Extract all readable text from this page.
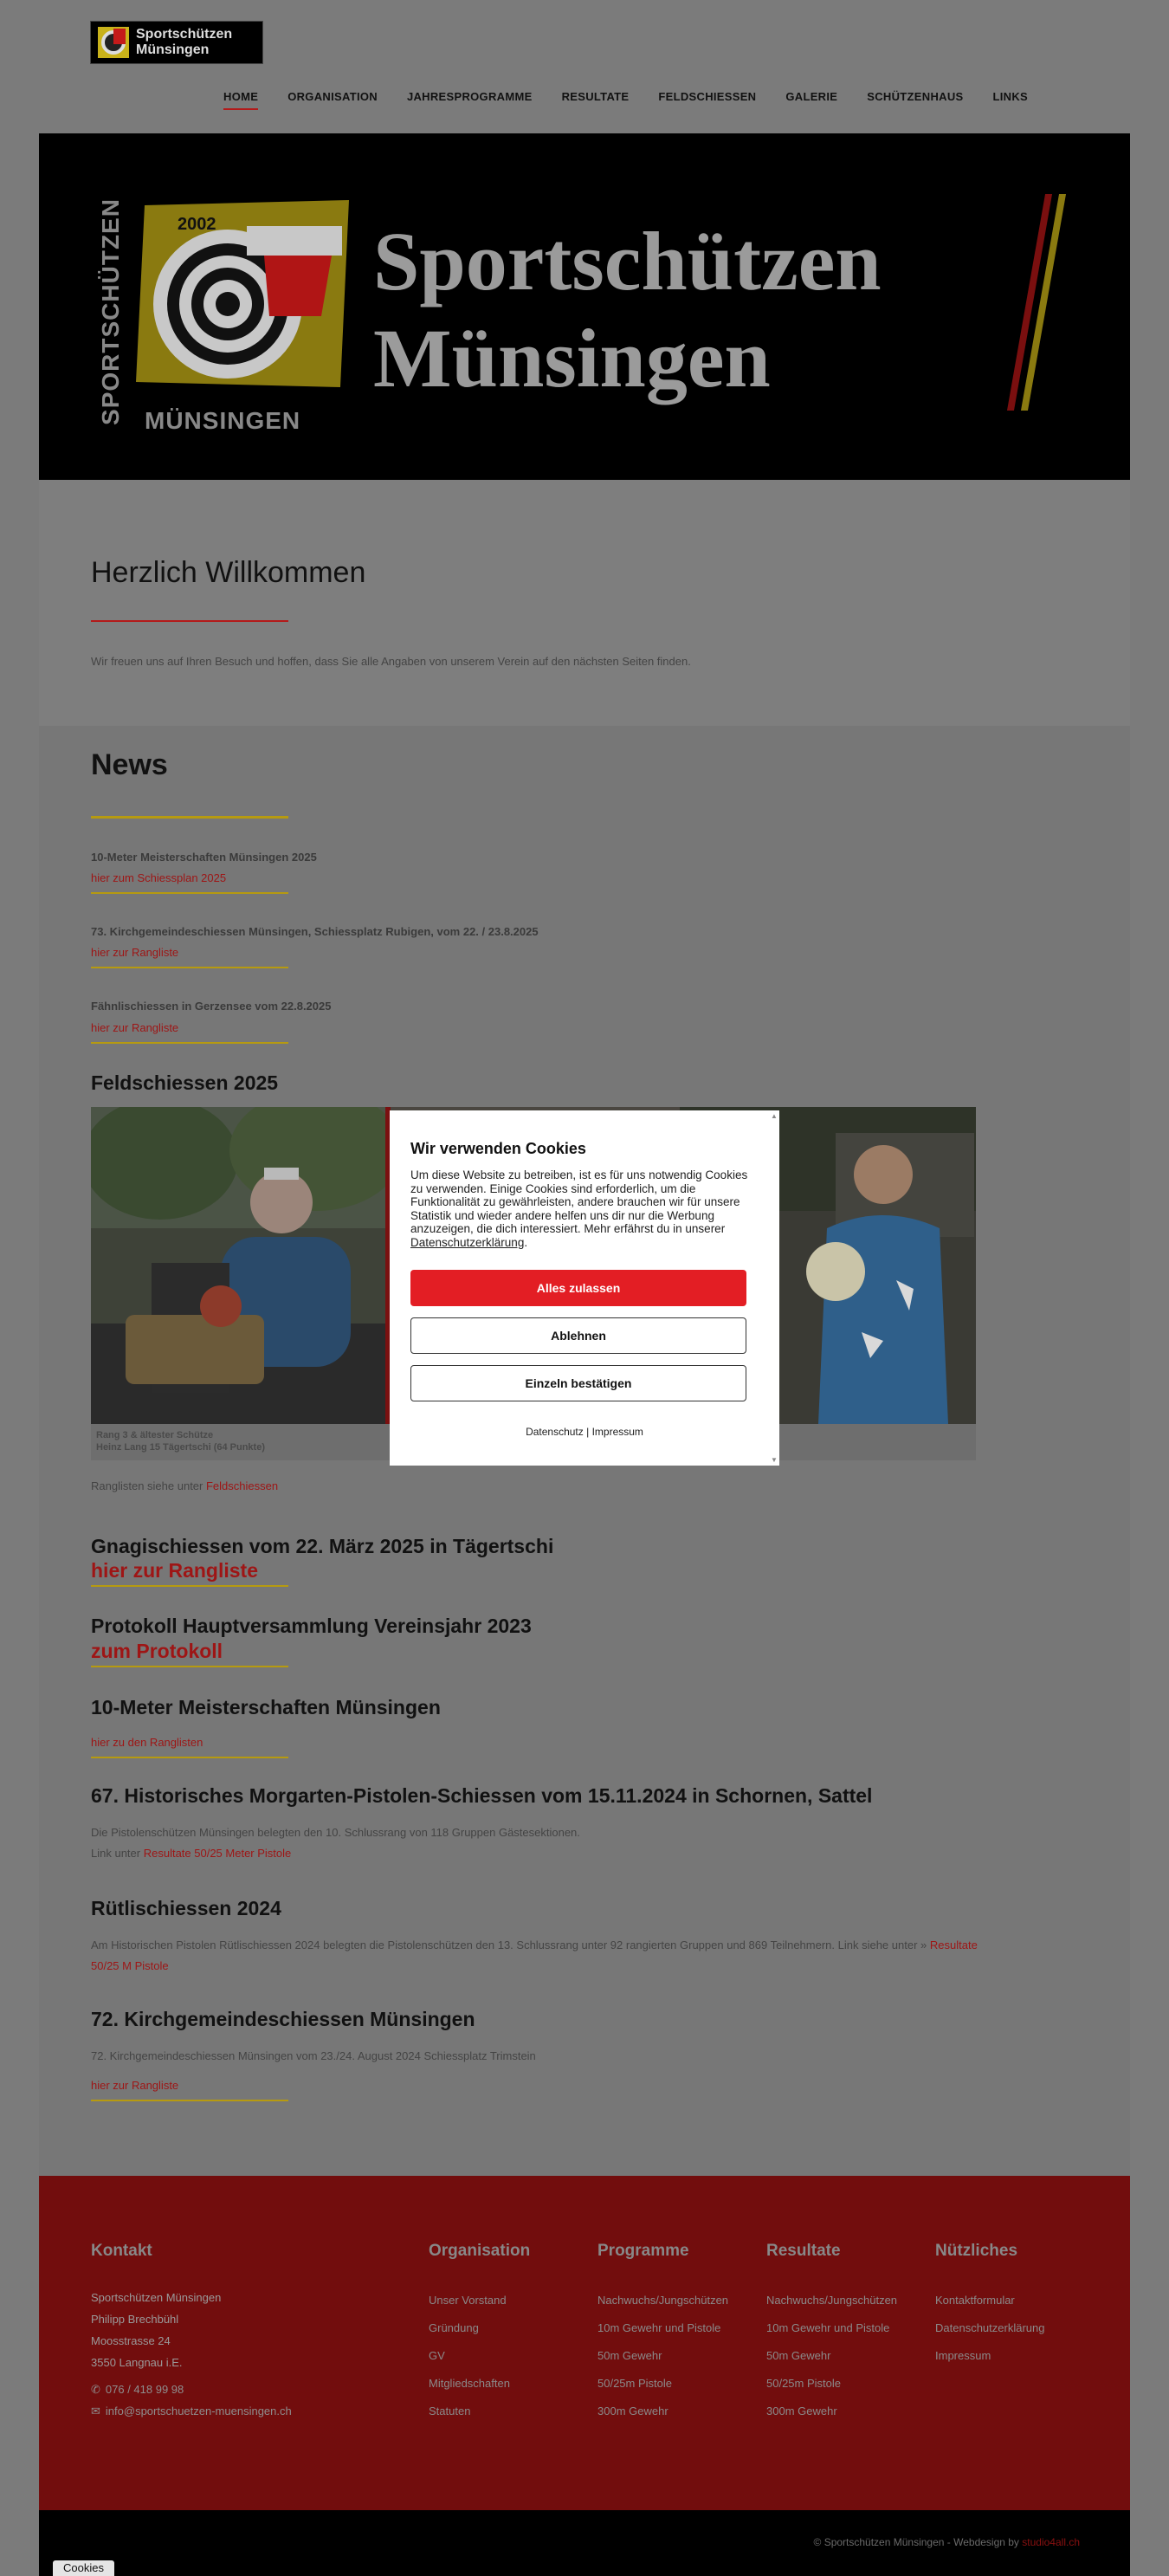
Sportschützen
Münsingen
HOME	ORGANISATION	JAHRESPROGRAMME	RESULTATE	FELDSCHIESSEN	GALERIE	SCHÜTZENHAUS	LINKS
SPORTSCHÜTZEN	2002
MÜNSINGEN
Sportschützen
Münsingen
Herzlich Willkommen

Wir freuen uns auf Ihren Besuch und hoffen, dass Sie alle Angaben von unserem Verein auf den nächsten Seiten finden.

News
10-Meter Meisterschaften Münsingen 2025
hier zum Schiessplan 2025
73. Kirchgemeindeschiessen Münsingen, Schiessplatz Rubigen, vom 22. / 23.8.2025
hier zur Rangliste
Fähnlischiessen in Gerzensee vom 22.8.2025
hier zur Rangliste
Feldschiessen 2025
Rang 3 & ältester Schütze
Heinz Lang 15 Tägertschi (64 Punkte)
Ranglisten siehe unter Feldschiessen
Gnagischiessen vom 22. März 2025 in Tägertschi
hier zur Rangliste
Protokoll Hauptversammlung Vereinsjahr 2023
zum Protokoll
10-Meter Meisterschaften Münsingen
hier zu den Ranglisten
67. Historisches Morgarten-Pistolen-Schiessen vom 15.11.2024 in Schornen, Sattel
Die Pistolenschützen Münsingen belegten den 10. Schlussrang von 118 Gruppen Gästesektionen.
Link unter Resultate 50/25 Meter Pistole
Rütlischiessen 2024
Am Historischen Pistolen Rütlischiessen 2024 belegten die Pistolenschützen den 13. Schlussrang unter 92 rangierten Gruppen und 869 Teilnehmern. Link siehe unter » Resultate
50/25 M Pistole
72. Kirchgemeindeschiessen Münsingen
72. Kirchgemeindeschiessen Münsingen vom 23./24. August 2024 Schiessplatz Trimstein
hier zur Rangliste
Kontakt
Sportschützen Münsingen
Philipp Brechbühl
Moosstrasse 24
3550 Langnau i.E.
✆ 076 / 418 99 98
✉ info@sportschuetzen-muensingen.ch
Organisation
Unser Vorstand
Gründung
GV
Mitgliedschaften
Statuten
Programme
Nachwuchs/Jungschützen
10m Gewehr und Pistole
50m Gewehr
50/25m Pistole
300m Gewehr
Resultate
Nachwuchs/Jungschützen
10m Gewehr und Pistole
50m Gewehr
50/25m Pistole
300m Gewehr
Nützliches
Kontaktformular
Datenschutzerklärung
Impressum
© Sportschützen Münsingen - Webdesign by studio4all.ch
Cookies
Wir verwenden Cookies
Um diese Website zu betreiben, ist es für uns notwendig Cookies zu verwenden. Einige Cookies sind erforderlich, um die Funktionalität zu gewährleisten, andere brauchen wir für unsere Statistik und wieder andere helfen uns dir nur die Werbung anzuzeigen, die dich interessiert. Mehr erfährst du in unserer Datenschutzerklärung.
Alles zulassen
Ablehnen
Einzeln bestätigen
Datenschutz | Impressum
▲
▼
